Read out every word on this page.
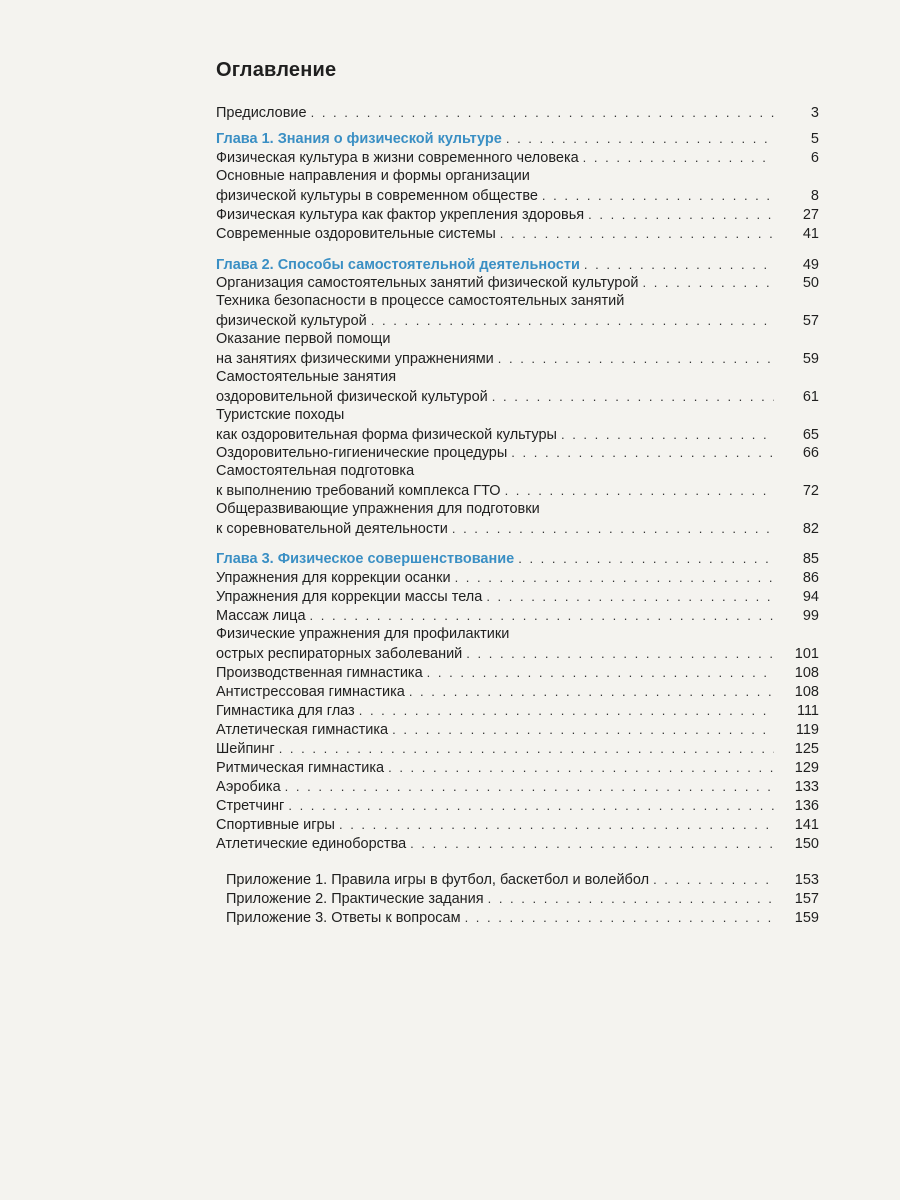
Оглавление
Предисловие . . .	3
Глава 1. Знания о физической культуре . . .	5
Физическая культура в жизни современного человека . . .	6
Основные направления и формы организации
физической культуры в современном обществе . . .	8
Физическая культура как фактор укрепления здоровья . . .	27
Современные оздоровительные системы . . .	41
Глава 2. Способы самостоятельной деятельности . . .	49
Организация самостоятельных занятий физической культурой . . .	50
Техника безопасности в процессе самостоятельных занятий
физической культурой . . .	57
Оказание первой помощи
на занятиях физическими упражнениями . . .	59
Самостоятельные занятия
оздоровительной физической культурой . . .	61
Туристские походы
как оздоровительная форма физической культуры . . .	65
Оздоровительно-гигиенические процедуры . . .	66
Самостоятельная подготовка
к выполнению требований комплекса ГТО . . .	72
Общеразвивающие упражнения для подготовки
к соревновательной деятельности . . .	82
Глава 3. Физическое совершенствование . . .	85
Упражнения для коррекции осанки . . .	86
Упражнения для коррекции массы тела . . .	94
Массаж лица . . .	99
Физические упражнения для профилактики
острых респираторных заболеваний . . .	101
Производственная гимнастика . . .	108
Антистрессовая гимнастика . . .	108
Гимнастика для глаз . . .	111
Атлетическая гимнастика . . .	119
Шейпинг . . .	125
Ритмическая гимнастика . . .	129
Аэробика . . .	133
Стретчинг . . .	136
Спортивные игры . . .	141
Атлетические единоборства . . .	150
Приложение 1. Правила игры в футбол, баскетбол и волейбол . . .	153
Приложение 2. Практические задания . . .	157
Приложение 3. Ответы к вопросам . . .	159
